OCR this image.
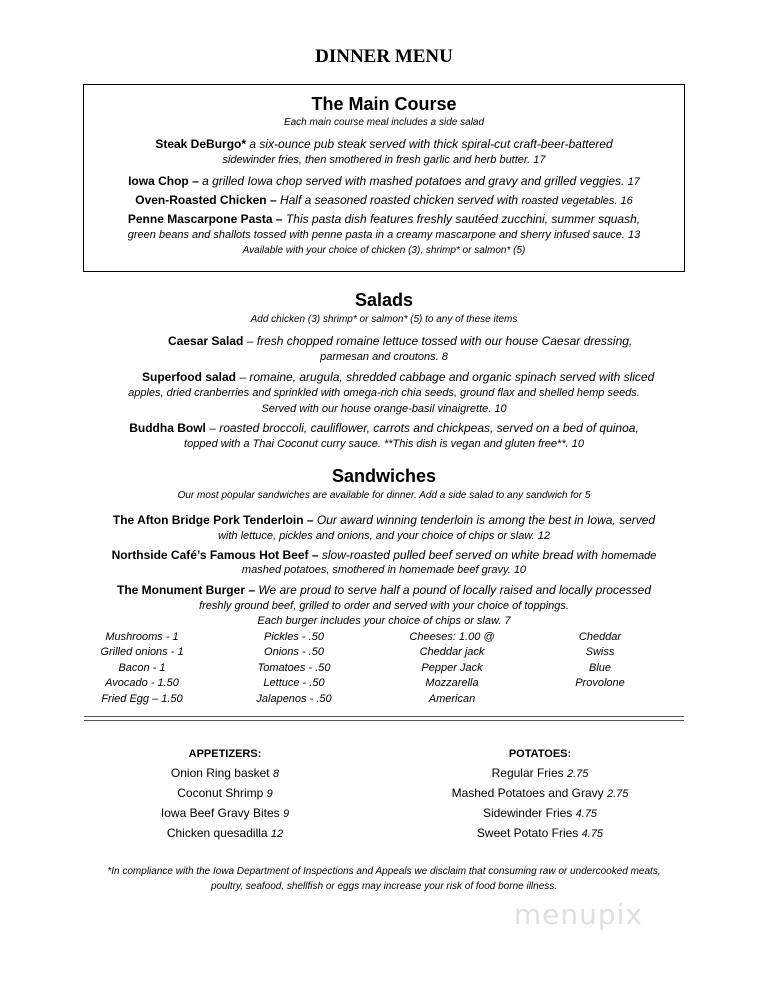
DINNER MENU
The Main Course
Each main course meal includes a side salad
Steak DeBurgo* a six-ounce pub steak served with thick spiral-cut craft-beer-battered
sidewinder fries, then smothered in fresh garlic and herb butter. 17
Iowa Chop – a grilled Iowa chop served with mashed potatoes and gravy and grilled veggies. 17
Oven-Roasted Chicken – Half a seasoned roasted chicken served with roasted vegetables. 16
Penne Mascarpone Pasta – This pasta dish features freshly sautéed zucchini, summer squash,
green beans and shallots tossed with penne pasta in a creamy mascarpone and sherry infused sauce. 13
Available with your choice of chicken (3), shrimp* or salmon* (5)
Salads
Add chicken (3) shrimp* or salmon* (5) to any of these items
Caesar Salad – fresh chopped romaine lettuce tossed with our house Caesar dressing,
parmesan and croutons. 8
Superfood salad – romaine, arugula, shredded cabbage and organic spinach served with sliced
apples, dried cranberries and sprinkled with omega-rich chia seeds, ground flax and shelled hemp seeds.
Served with our house orange-basil vinaigrette. 10
Buddha Bowl – roasted broccoli, cauliflower, carrots and chickpeas, served on a bed of quinoa,
topped with a Thai Coconut curry sauce. **This dish is vegan and gluten free**. 10
Sandwiches
Our most popular sandwiches are available for dinner. Add a side salad to any sandwich for 5
The Afton Bridge Pork Tenderloin – Our award winning tenderloin is among the best in Iowa, served
with lettuce, pickles and onions, and your choice of chips or slaw. 12
Northside Café’s Famous Hot Beef – slow-roasted pulled beef served on white bread with homemade
mashed potatoes, smothered in homemade beef gravy. 10
The Monument Burger – We are proud to serve half a pound of locally raised and locally processed
freshly ground beef, grilled to order and served with your choice of toppings.
Each burger includes your choice of chips or slaw. 7
Mushrooms - 1	Pickles - .50	Cheeses: 1.00 @	Cheddar
Grilled onions - 1	Onions - .50	Cheddar jack	Swiss
Bacon - 1	Tomatoes - .50	Pepper Jack	Blue
Avocado - 1.50	Lettuce - .50	Mozzarella	Provolone
Fried Egg – 1.50	Jalapenos - .50	American	
APPETIZERS:
Onion Ring basket 8
Coconut Shrimp 9
Iowa Beef Gravy Bites 9
Chicken quesadilla 12
POTATOES:
Regular Fries 2.75
Mashed Potatoes and Gravy 2.75
Sidewinder Fries 4.75
Sweet Potato Fries 4.75
*In compliance with the Iowa Department of Inspections and Appeals we disclaim that consuming raw or undercooked meats,
poultry, seafood, shellfish or eggs may increase your risk of food borne illness.
menupix
